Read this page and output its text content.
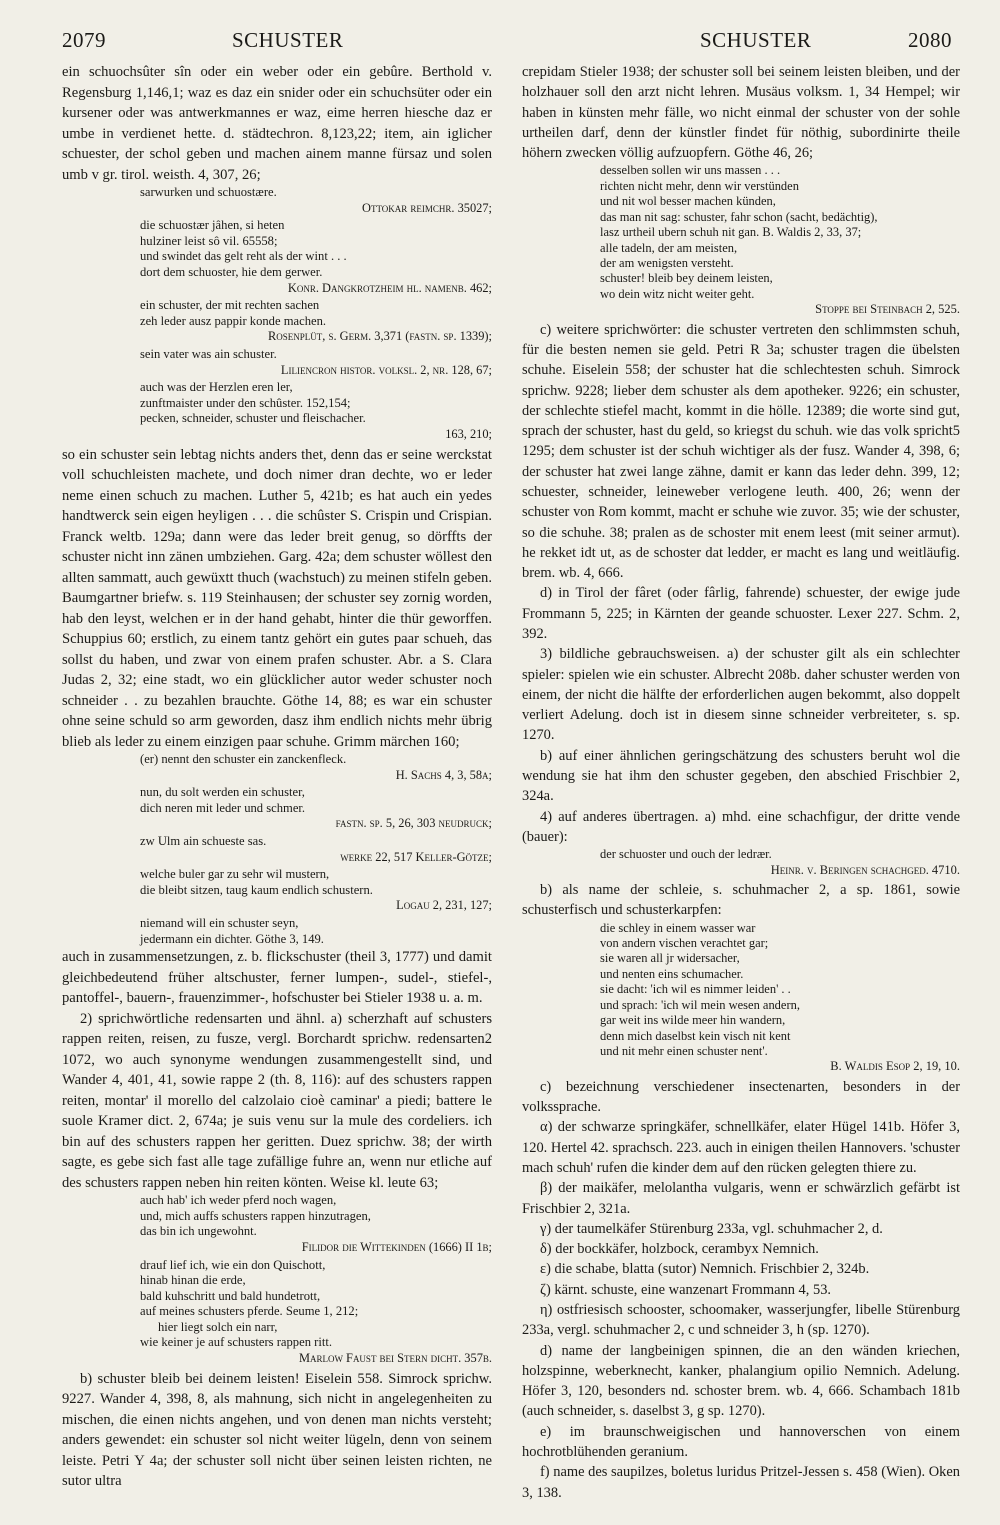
2079	SCHUSTER	SCHUSTER	2080
ein schuochsûter sîn oder ein weber oder ein gebûre. Berthold v. Regensburg 1,146,1; waz es daz ein snider oder ein schuchsüter oder ein kursener oder was antwerkmannes er waz, eime herren hiesche daz er umbe in verdienet hette. d. städtechron. 8,123,22; item, ain iglicher schuester, der schol geben und machen ainem manne fürsaz und solen umb v gr. tirol. weisth. 4, 307, 26;
sarwurken und schuostære.
Ottokar reimchr. 35027;
die schuostær jâhen, si heten
hulziner leist sô vil. 65558;
und swindet das gelt reht als der wint . . .
dort dem schuoster, hie dem gerwer.
Konr. Dangkrotzheim hl. namenb. 462;
ein schuster, der mit rechten sachen
zeh leder ausz pappir konde machen.
Rosenplüt, s. Germ. 3,371 (fastn. sp. 1339);
sein vater was ain schuster.
Liliencron histor. volksl. 2, nr. 128, 67;
auch was der Herzlen eren ler,
zunftmaister under den schûster. 152,154;
pecken, schneider, schuster und fleischacher.
163, 210;
so ein schuster sein lebtag nichts anders thet, denn das er seine werckstat voll schuchleisten machete, und doch nimer dran dechte, wo er leder neme einen schuch zu machen. Luther 5, 421b; es hat auch ein yedes handtwerck sein eigen heyligen . . . die schûster S. Crispin und Crispian. Franck weltb. 129a; dann were das leder breit genug, so dörffts der schuster nicht inn zänen umbziehen. Garg. 42a; dem schuster wöllest den allten sammatt, auch gewüxtt thuch (wachstuch) zu meinen stifeln geben. Baumgartner briefw. s. 119 Steinhausen; der schuster sey zornig worden, hab den leyst, welchen er in der hand gehabt, hinter die thür geworffen. Schuppius 60; erstlich, zu einem tantz gehört ein gutes paar schueh, das sollst du haben, und zwar von einem prafen schuster. Abr. a S. Clara Judas 2, 32; eine stadt, wo ein glücklicher autor weder schuster noch schneider . . zu bezahlen brauchte. Göthe 14, 88; es war ein schuster ohne seine schuld so arm geworden, dasz ihm endlich nichts mehr übrig blieb als leder zu einem einzigen paar schuhe. Grimm märchen 160;
(er) nennt den schuster ein zanckenfleck.
H. Sachs 4, 3, 58a;
nun, du solt werden ein schuster,
dich neren mit leder und schmer.
fastn. sp. 5, 26, 303 neudruck;
zw Ulm ain schueste sas.
werke 22, 517 Keller-Götze;
welche buler gar zu sehr wil mustern,
die bleibt sitzen, taug kaum endlich schustern.
Logau 2, 231, 127;
niemand will ein schuster seyn,
jedermann ein dichter. Göthe 3, 149.
auch in zusammensetzungen, z. b. flickschuster (theil 3, 1777) und damit gleichbedeutend früher altschuster, ferner lumpen-, sudel-, stiefel-, pantoffel-, bauern-, frauenzimmer-, hofschuster bei Stieler 1938 u. a. m.
2) sprichwörtliche redensarten und ähnl. a) scherzhaft auf schusters rappen reiten, reisen, zu fusze, vergl. Borchardt sprichw. redensarten2 1072, wo auch synonyme wendungen zusammengestellt sind, und Wander 4, 401, 41, sowie rappe 2 (th. 8, 116): auf des schusters rappen reiten, montar' il morello del calzolaio cioè caminar' a piedi; battere le suole Kramer dict. 2, 674a; je suis venu sur la mule des cordeliers. ich bin auf des schusters rappen her geritten. Duez sprichw. 38; der wirth sagte, es gebe sich fast alle tage zufällige fuhre an, wenn nur etliche auf des schusters rappen neben hin reiten könten. Weise kl. leute 63;
auch hab' ich weder pferd noch wagen,
und, mich auffs schusters rappen hinzutragen,
das bin ich ungewohnt.
Filidor die Wittekinden (1666) II 1b;
drauf lief ich, wie ein don Quischott,
hinab hinan die erde,
bald kuhschritt und bald hundetrott,
auf meines schusters pferde. Seume 1, 212;
hier liegt solch ein narr,
wie keiner je auf schusters rappen ritt.
Marlow Faust bei Stern dicht. 357b.
b) schuster bleib bei deinem leisten! Eiselein 558. Simrock sprichw. 9227. Wander 4, 398, 8, als mahnung, sich nicht in angelegenheiten zu mischen, die einen nichts angehen, und von denen man nichts versteht; anders gewendet: ein schuster sol nicht weiter lügeln, denn von seinem leiste. Petri Y 4a; der schuster soll nicht über seinen leisten richten, ne sutor ultra
crepidam Stieler 1938; der schuster soll bei seinem leisten bleiben, und der holzhauer soll den arzt nicht lehren. Musäus volksm. 1, 34 Hempel; wir haben in künsten mehr fälle, wo nicht einmal der schuster von der sohle urtheilen darf, denn der künstler findet für nöthig, subordinirte theile höhern zwecken völlig aufzuopfern. Göthe 46, 26;
desselben sollen wir uns massen . . .
richten nicht mehr, denn wir verstünden
und nit wol besser machen künden,
das man nit sag: schuster, fahr schon (sacht, bedächtig),
lasz urtheil ubern schuh nit gan. B. Waldis 2, 33, 37;
alle tadeln, der am meisten,
der am wenigsten versteht.
schuster! bleib bey deinem leisten,
wo dein witz nicht weiter geht.
Stoppe bei Steinbach 2, 525.
c) weitere sprichwörter: die schuster vertreten den schlimmsten schuh, für die besten nemen sie geld. Petri R 3a; schuster tragen die übelsten schuhe. Eiselein 558; der schuster hat die schlechtesten schuh. Simrock sprichw. 9228; lieber dem schuster als dem apotheker. 9226; ein schuster, der schlechte stiefel macht, kommt in die hölle. 12389; die worte sind gut, sprach der schuster, hast du geld, so kriegst du schuh. wie das volk spricht5 1295; dem schuster ist der schuh wichtiger als der fusz. Wander 4, 398, 6; der schuster hat zwei lange zähne, damit er kann das leder dehn. 399, 12; schuester, schneider, leineweber verlogene leuth. 400, 26; wenn der schuster von Rom kommt, macht er schuhe wie zuvor. 35; wie der schuster, so die schuhe. 38; pralen as de schoster mit enem leest (mit seiner armut). he rekket idt ut, as de schoster dat ledder, er macht es lang und weitläufig. brem. wb. 4, 666.
d) in Tirol der fâret (oder fârlig, fahrende) schuester, der ewige jude Frommann 5, 225; in Kärnten der geande schuoster. Lexer 227. Schm. 2, 392.
3) bildliche gebrauchsweisen. a) der schuster gilt als ein schlechter spieler: spielen wie ein schuster. Albrecht 208b. daher schuster werden von einem, der nicht die hälfte der erforderlichen augen bekommt, also doppelt verliert Adelung. doch ist in diesem sinne schneider verbreiteter, s. sp. 1270.
b) auf einer ähnlichen geringschätzung des schusters beruht wol die wendung sie hat ihm den schuster gegeben, den abschied Frischbier 2, 324a.
4) auf anderes übertragen. a) mhd. eine schachfigur, der dritte vende (bauer):
der schuoster und ouch der ledrær.
Heinr. v. Beringen schachged. 4710.
b) als name der schleie, s. schuhmacher 2, a sp. 1861, sowie schusterfisch und schusterkarpfen:
die schley in einem wasser war
von andern vischen verachtet gar;
sie waren all jr widersacher,
und nenten eins schumacher.
sie dacht: 'ich wil es nimmer leiden' . .
und sprach: 'ich wil mein wesen andern,
gar weit ins wilde meer hin wandern,
denn mich daselbst kein visch nit kent
und nit mehr einen schuster nent'.
B. Waldis Esop 2, 19, 10.
c) bezeichnung verschiedener insectenarten, besonders in der volkssprache.
α) der schwarze springkäfer, schnellkäfer, elater Hügel 141b. Höfer 3, 120. Hertel 42. sprachsch. 223. auch in einigen theilen Hannovers. 'schuster mach schuh' rufen die kinder dem auf den rücken gelegten thiere zu.
β) der maikäfer, melolantha vulgaris, wenn er schwärzlich gefärbt ist Frischbier 2, 321a.
γ) der taumelkäfer Stürenburg 233a, vgl. schuhmacher 2, d.
δ) der bockkäfer, holzbock, cerambyx Nemnich.
ε) die schabe, blatta (sutor) Nemnich. Frischbier 2, 324b.
ζ) kärnt. schuste, eine wanzenart Frommann 4, 53.
η) ostfriesisch schooster, schoomaker, wasserjungfer, libelle Stürenburg 233a, vergl. schuhmacher 2, c und schneider 3, h (sp. 1270).
d) name der langbeinigen spinnen, die an den wänden kriechen, holzspinne, weberknecht, kanker, phalangium opilio Nemnich. Adelung. Höfer 3, 120, besonders nd. schoster brem. wb. 4, 666. Schambach 181b (auch schneider, s. daselbst 3, g sp. 1270).
e) im braunschweigischen und hannoverschen von einem hochrotblühenden geranium.
f) name des saupilzes, boletus luridus Pritzel-Jessen s. 458 (Wien). Oken 3, 138.
